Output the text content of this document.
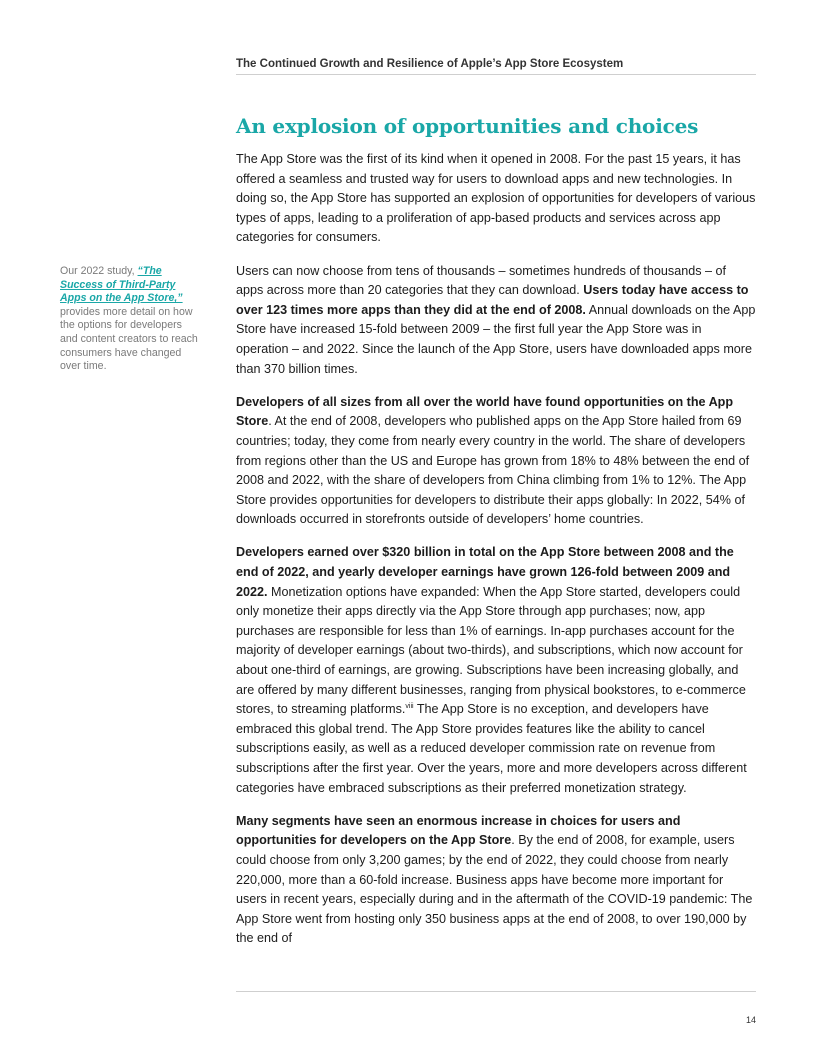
The Continued Growth and Resilience of Apple’s App Store Ecosystem
An explosion of opportunities and choices
Our 2022 study, “The Success of Third-Party Apps on the App Store,” provides more detail on how the options for developers and content creators to reach consumers have changed over time.

The App Store was the first of its kind when it opened in 2008. For the past 15 years, it has offered a seamless and trusted way for users to download apps and new technologies. In doing so, the App Store has supported an explosion of opportunities for developers of various types of apps, leading to a proliferation of app-based products and services across app categories for consumers.

Users can now choose from tens of thousands – sometimes hundreds of thousands – of apps across more than 20 categories that they can download. Users today have access to over 123 times more apps than they did at the end of 2008. Annual downloads on the App Store have increased 15-fold between 2009 – the first full year the App Store was in operation – and 2022. Since the launch of the App Store, users have downloaded apps more than 370 billion times.

Developers of all sizes from all over the world have found opportunities on the App Store. At the end of 2008, developers who published apps on the App Store hailed from 69 countries; today, they come from nearly every country in the world. The share of developers from regions other than the US and Europe has grown from 18% to 48% between the end of 2008 and 2022, with the share of developers from China climbing from 1% to 12%. The App Store provides opportunities for developers to distribute their apps globally: In 2022, 54% of downloads occurred in storefronts outside of developers’ home countries.

Developers earned over $320 billion in total on the App Store between 2008 and the end of 2022, and yearly developer earnings have grown 126-fold between 2009 and 2022. Monetization options have expanded: When the App Store started, developers could only monetize their apps directly via the App Store through app purchases; now, app purchases are responsible for less than 1% of earnings. In-app purchases account for the majority of developer earnings (about two-thirds), and subscriptions, which now account for about one-third of earnings, are growing. Subscriptions have been increasing globally, and are offered by many different businesses, ranging from physical bookstores, to e-commerce stores, to streaming platforms.$^{viii}$ The App Store is no exception, and developers have embraced this global trend. The App Store provides features like the ability to cancel subscriptions easily, as well as a reduced developer commission rate on revenue from subscriptions after the first year. Over the years, more and more developers across different categories have embraced subscriptions as their preferred monetization strategy.

Many segments have seen an enormous increase in choices for users and opportunities for developers on the App Store. By the end of 2008, for example, users could choose from only 3,200 games; by the end of 2022, they could choose from nearly 220,000, more than a 60-fold increase. Business apps have become more important for users in recent years, especially during and in the aftermath of the COVID-19 pandemic: The App Store went from hosting only 350 business apps at the end of 2008, to over 190,000 by the end of

14
